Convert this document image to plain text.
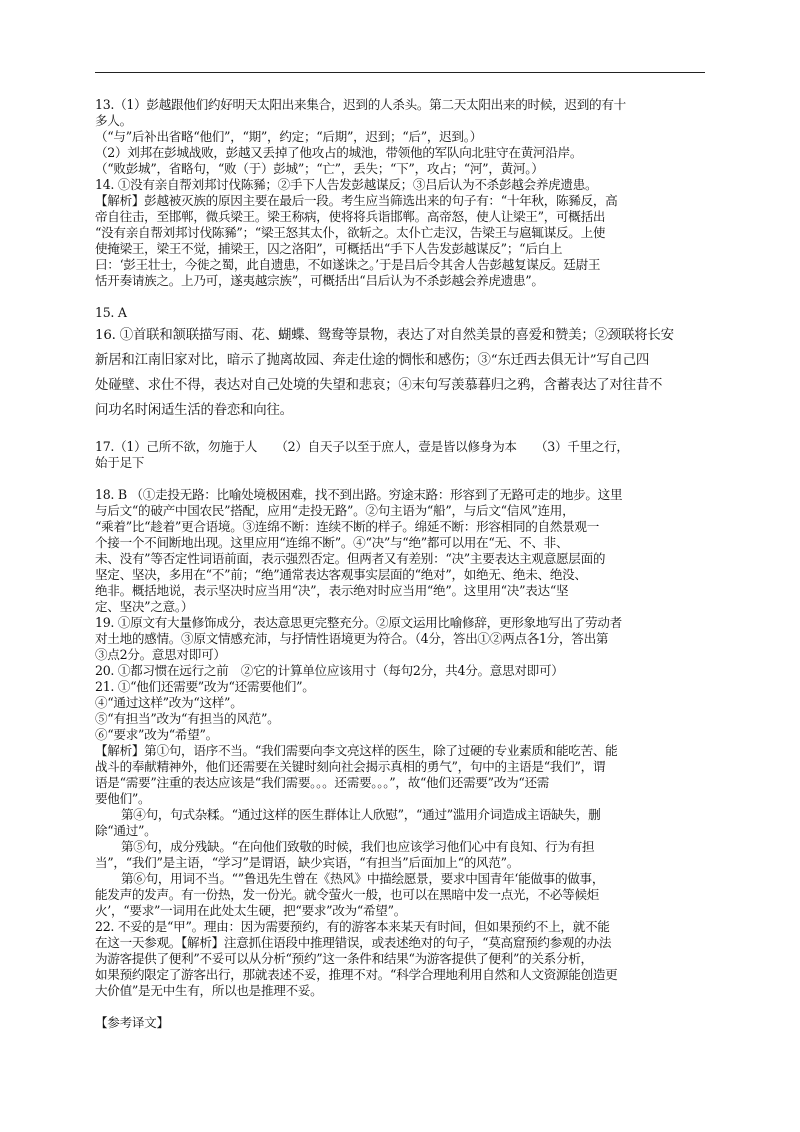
13.（1）彭越跟他们约好明天太阳出来集合，迟到的人杀头。第二天太阳出来的时候，迟到的有十
多人。
（“与”后补出省略“他们”，“期”，约定；“后期”，迟到；“后”，迟到。）
（2）刘邦在彭城战败，彭越又丢掉了他攻占的城池，带领他的军队向北驻守在黄河沿岸。
（“败彭城”，省略句，“败（于）彭城”；“亡”，丢失；“下”，攻占；“河”，黄河。）
14. ①没有亲自帮刘邦讨伐陈豨；②手下人告发彭越谋反；③吕后认为不杀彭越会养虎遗患。
【解析】彭越被灭族的原因主要在最后一段。考生应当筛选出来的句子有：“十年秋，陈豨反，高
帝自往击，至邯郸，微兵梁王。梁王称病，使将将兵诣邯郸。高帝怒，使人让梁王”，可概括出
“没有亲自帮刘邦讨伐陈豨”；“梁王怒其太仆，欲斩之。太仆亡走汉，告梁王与扈辄谋反。上使
使掩梁王，梁王不觉，捕梁王，囚之洛阳”，可概括出“手下人告发彭越谋反”；“后白上
曰：‘彭王壮士，今徙之蜀，此自遗患，不如遂诛之。’于是吕后令其舍人告彭越复谋反。廷尉王
恬开奏请族之。上乃可，遂夷越宗族”，可概括出“吕后认为不杀彭越会养虎遗患”。
15. A
16. ①首联和颔联描写雨、花、蝴蝶、鸳鸯等景物，表达了对自然美景的喜爱和赞美；②颈联将长安
新居和江南旧家对比，暗示了抛离故园、奔走仕途的惆怅和感伤；③“东迁西去俱无计”写自己四
处碰壁、求仕不得，表达对自己处境的失望和悲哀；④末句写羡慕暮归之鸦，含蓄表达了对往昔不
问功名时闲适生活的眷恋和向往。
17.（1）己所不欲，勿施于人　　（2）自天子以至于庶人，壹是皆以修身为本　　（3）千里之行，
始于足下
18. B （①走投无路：比喻处境极困难，找不到出路。穷途末路：形容到了无路可走的地步。这里
与后文“的破产中国农民”搭配，应用“走投无路”。②句主语为“船”，与后文“信风”连用，
“乘着”比“趁着”更合语境。③连绵不断：连续不断的样子。绵延不断：形容相同的自然景观一
个接一个不间断地出现。这里应用“连绵不断”。④“决”与“绝”都可以用在“无、不、非、
未、没有”等否定性词语前面，表示强烈否定。但两者又有差别：“决”主要表达主观意愿层面的
坚定、坚决，多用在“不”前；“绝”通常表达客观事实层面的“绝对”，如绝无、绝未、绝没、
绝非。概括地说，表示坚决时应当用“决”，表示绝对时应当用“绝”。这里用“决”表达“坚
定、坚决”之意。）
19. ①原文有大量修饰成分，表达意思更完整充分。②原文运用比喻修辞，更形象地写出了劳动者
对土地的感情。③原文情感充沛，与抒情性语境更为符合。（4分，答出①②两点各1分，答出第
③点2分。意思对即可）
20. ①都习惯在远行之前　②它的计算单位应该用寸（每句2分，共4分。意思对即可）
21. ①“他们还需要”改为“还需要他们”。
④“通过这样”改为“这样”。
⑤“有担当”改为“有担当的风范”。
⑥“要求”改为“希望”。
【解析】第①句，语序不当。“我们需要向李文亮这样的医生，除了过硬的专业素质和能吃苦、能
战斗的奉献精神外，他们还需要在关键时刻向社会揭示真相的勇气”，句中的主语是“我们”，谓
语是“需要”注重的表达应该是“我们需要。。。还需要。。。”，故“他们还需要”改为“还需
要他们”。
第④句，句式杂糅。“通过这样的医生群体让人欣慰”，“通过”滥用介词造成主语缺失，删
除“通过”。
第⑤句，成分残缺。“在向他们致敬的时候，我们也应该学习他们心中有良知、行为有担
当”，“我们”是主语，“学习”是谓语，缺少宾语，“有担当”后面加上“的风范”。
第⑥句，用词不当。“”鲁迅先生曾在《热风》中描绘愿景，要求中国青年‘能做事的做事，
能发声的发声。有一份热，发一份光。就令萤火一般，也可以在黑暗中发一点光，不必等候炬
火’，“要求”一词用在此处太生硬，把“要求”改为“希望”。
22. 不妥的是“甲”。理由：因为需要预约，有的游客本来某天有时间，但如果预约不上，就不能
在这一天参观。【解析】注意抓住语段中推理错误，或表述绝对的句子，“莫高窟预约参观的办法
为游客提供了便利”不妥可以从分析“预约”这一条件和结果“为游客提供了便利”的关系分析，
如果预约限定了游客出行，那就表述不妥，推理不对。“科学合理地利用自然和人文资源能创造更
大价值”是无中生有，所以也是推理不妥。
【参考译文】
